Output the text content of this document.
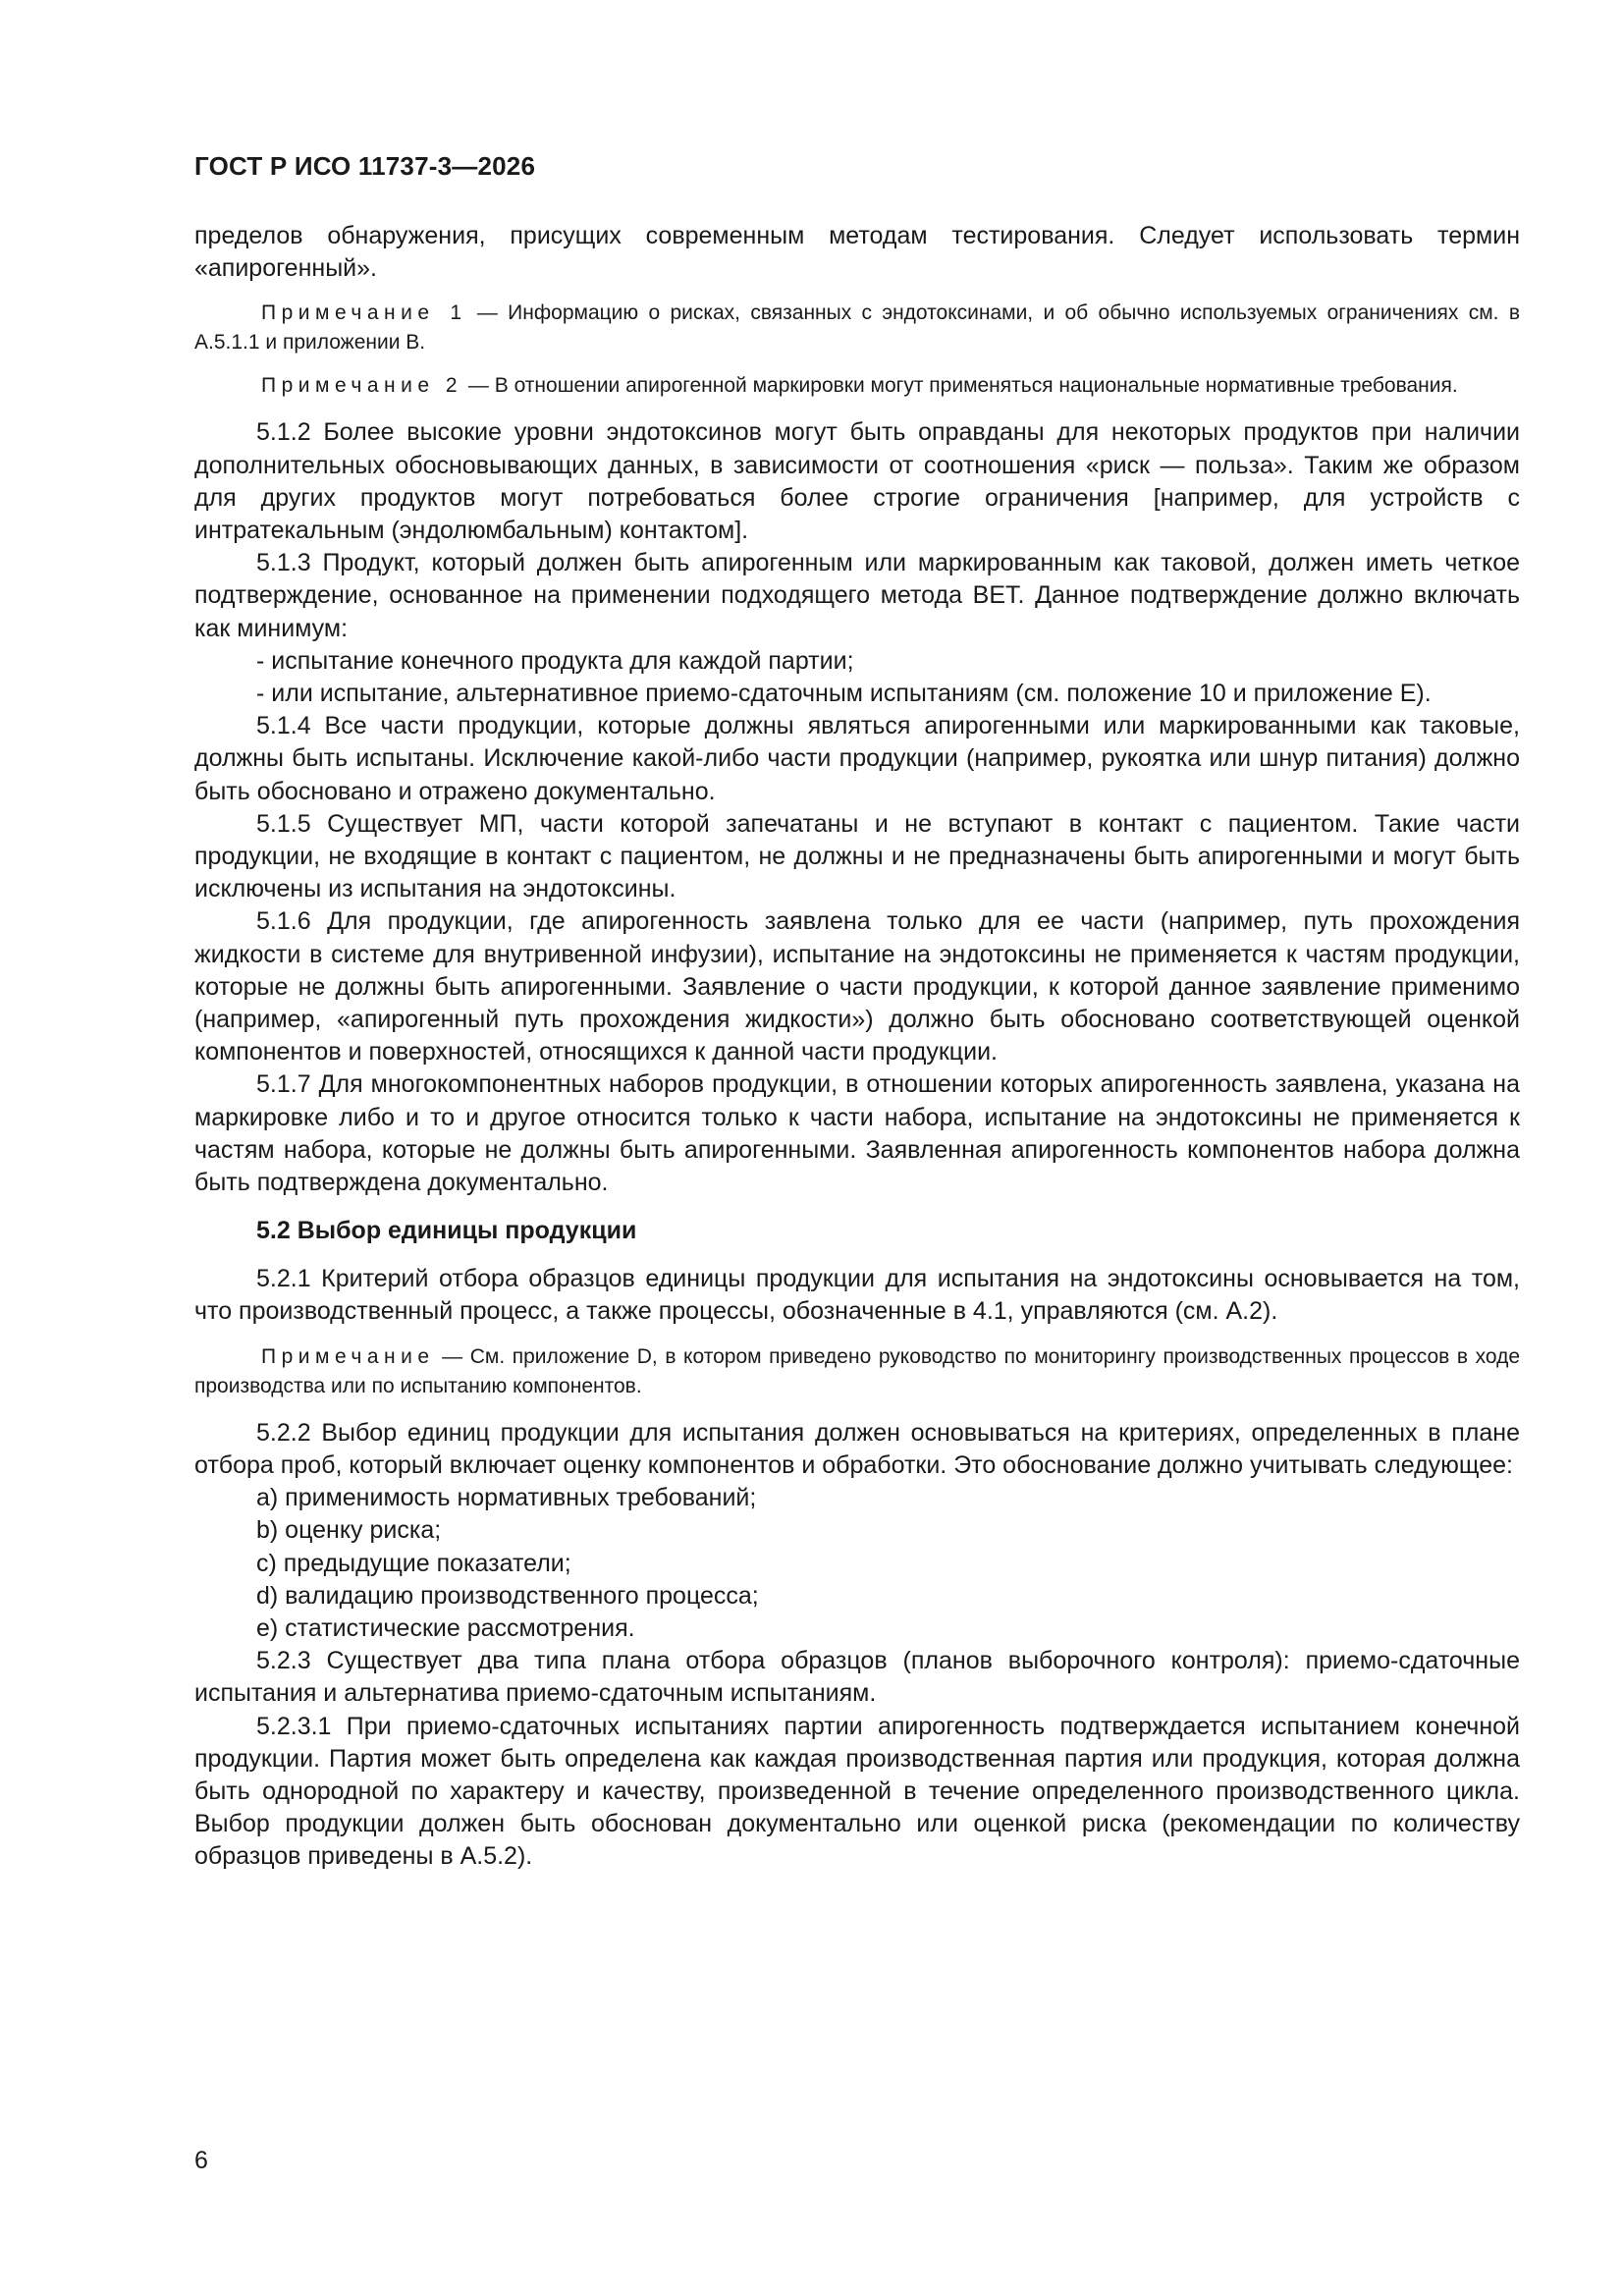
ГОСТ Р ИСО 11737-3—2026

пределов обнаружения, присущих современным методам тестирования. Следует использовать термин «апирогенный».

Примечание 1 — Информацию о рисках, связанных с эндотоксинами, и об обычно используемых ограничениях см. в А.5.1.1 и приложении В.

Примечание 2 — В отношении апирогенной маркировки могут применяться национальные нормативные требования.

5.1.2 Более высокие уровни эндотоксинов могут быть оправданы для некоторых продуктов при наличии дополнительных обосновывающих данных, в зависимости от соотношения «риск — польза». Таким же образом для других продуктов могут потребоваться более строгие ограничения [например, для устройств с интратекальным (эндолюмбальным) контактом].

5.1.3 Продукт, который должен быть апирогенным или маркированным как таковой, должен иметь четкое подтверждение, основанное на применении подходящего метода BET. Данное подтверждение должно включать как минимум:

- испытание конечного продукта для каждой партии;

- или испытание, альтернативное приемо-сдаточным испытаниям (см. положение 10 и приложение Е).

5.1.4 Все части продукции, которые должны являться апирогенными или маркированными как таковые, должны быть испытаны. Исключение какой-либо части продукции (например, рукоятка или шнур питания) должно быть обосновано и отражено документально.

5.1.5 Существует МП, части которой запечатаны и не вступают в контакт с пациентом. Такие части продукции, не входящие в контакт с пациентом, не должны и не предназначены быть апирогенными и могут быть исключены из испытания на эндотоксины.

5.1.6 Для продукции, где апирогенность заявлена только для ее части (например, путь прохождения жидкости в системе для внутривенной инфузии), испытание на эндотоксины не применяется к частям продукции, которые не должны быть апирогенными. Заявление о части продукции, к которой данное заявление применимо (например, «апирогенный путь прохождения жидкости») должно быть обосновано соответствующей оценкой компонентов и поверхностей, относящихся к данной части продукции.

5.1.7 Для многокомпонентных наборов продукции, в отношении которых апирогенность заявлена, указана на маркировке либо и то и другое относится только к части набора, испытание на эндотоксины не применяется к частям набора, которые не должны быть апирогенными. Заявленная апирогенность компонентов набора должна быть подтверждена документально.

5.2 Выбор единицы продукции

5.2.1 Критерий отбора образцов единицы продукции для испытания на эндотоксины основывается на том, что производственный процесс, а также процессы, обозначенные в 4.1, управляются (см. А.2).

Примечание — См. приложение D, в котором приведено руководство по мониторингу производственных процессов в ходе производства или по испытанию компонентов.

5.2.2 Выбор единиц продукции для испытания должен основываться на критериях, определенных в плане отбора проб, который включает оценку компонентов и обработки. Это обоснование должно учитывать следующее:

a) применимость нормативных требований;

b) оценку риска;

c) предыдущие показатели;

d) валидацию производственного процесса;

e) статистические рассмотрения.

5.2.3 Существует два типа плана отбора образцов (планов выборочного контроля): приемо-сдаточные испытания и альтернатива приемо-сдаточным испытаниям.

5.2.3.1 При приемо-сдаточных испытаниях партии апирогенность подтверждается испытанием конечной продукции. Партия может быть определена как каждая производственная партия или продукция, которая должна быть однородной по характеру и качеству, произведенной в течение определенного производственного цикла. Выбор продукции должен быть обоснован документально или оценкой риска (рекомендации по количеству образцов приведены в А.5.2).

6
